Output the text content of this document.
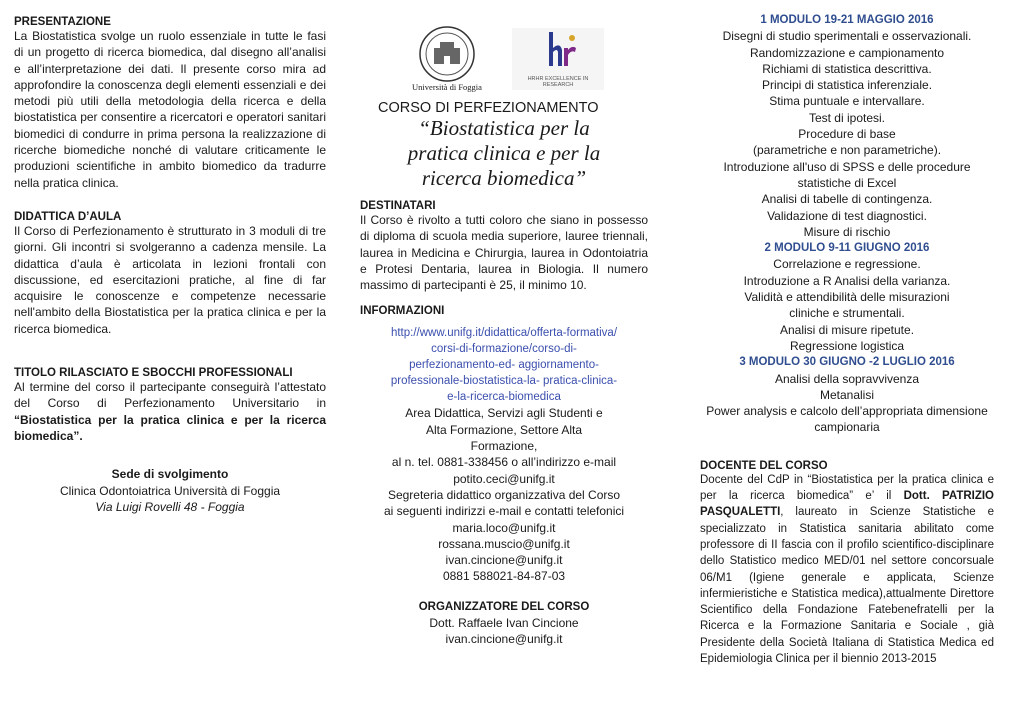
PRESENTAZIONE

La Biostatistica svolge un ruolo essenziale in tutte le fasi di un progetto di ricerca biomedica, dal disegno all’analisi e all’interpretazione dei dati. Il presente corso mira ad approfondire la conoscenza degli elementi essenziali e dei metodi più utili della metodologia della ricerca e della biostatistica per consentire a ricercatori e operatori sanitari biomedici di condurre in prima persona la realizzazione di ricerche biomediche nonché di valutare criticamente le produzioni scientifiche in ambito biomedico da tradurre nella pratica clinica.

DIDATTICA D’AULA

Il Corso di Perfezionamento è strutturato in 3 moduli di tre giorni. Gli incontri si svolgeranno a cadenza mensile. La didattica d’aula è articolata in lezioni frontali con discussione, ed esercitazioni pratiche, al fine di far acquisire le conoscenze e competenze necessarie nell'ambito della Biostatistica per la pratica clinica e per la ricerca biomedica.

TITOLO RILASCIATO E SBOCCHI PROFESSIONALI

Al termine del corso il partecipante conseguirà l’attestato del Corso di Perfezionamento Universitario in “Biostatistica per la pratica clinica e per la ricerca biomedica”.

Sede di svolgimento
Clinica Odontoiatrica Università di Foggia
Via Luigi Rovelli 48 - Foggia
Università di Foggia
HRHR EXCELLENCE IN RESEARCH
CORSO DI PERFEZIONAMENTO
“Biostatistica per la
pratica clinica e per la
ricerca biomedica”

DESTINATARI

Il Corso è rivolto a tutti coloro che siano in possesso di diploma di scuola media superiore, lauree triennali, laurea in Medicina e Chirurgia, laurea in Odontoiatria e Protesi Dentaria, laurea in Biologia. Il numero massimo di partecipanti è 25, il minimo 10.

INFORMAZIONI

http://www.unifg.it/didattica/offerta-formativa/ corsi-di-formazione/corso-di-perfezionamento-ed- aggiornamento-professionale-biostatistica-la- pratica-clinica-e-la-ricerca-biomedica
Area Didattica, Servizi agli Studenti e
Alta Formazione, Settore Alta
Formazione,
al n. tel. 0881-338456 o all’indirizzo e-mail
potito.ceci@unifg.it
Segreteria didattico organizzativa del Corso
ai seguenti indirizzi e-mail e contatti telefonici
maria.loco@unifg.it
rossana.muscio@unifg.it
ivan.cincione@unifg.it
0881 588021-84-87-03
ORGANIZZATORE DEL CORSO
Dott. Raffaele Ivan Cincione
ivan.cincione@unifg.it
1 MODULO 19-21 MAGGIO 2016
Disegni di studio sperimentali e osservazionali.
Randomizzazione e campionamento
Richiami di statistica descrittiva.
Principi di statistica inferenziale.
Stima puntuale e intervallare.
Test di ipotesi.
Procedure di base
(parametriche e non parametriche).
Introduzione all'uso di SPSS e delle procedure
statistiche di Excel
Analisi di tabelle di contingenza.
Validazione di test diagnostici.
Misure di rischio
2 MODULO 9-11 GIUGNO 2016
Correlazione e regressione.
Introduzione a R Analisi della varianza.
Validità e attendibilità delle misurazioni
cliniche e strumentali.
Analisi di misure ripetute.
Regressione logistica
3 MODULO 30 GIUGNO -2 LUGLIO 2016
Analisi della sopravvivenza
Metanalisi
Power analysis e calcolo dell’appropriata dimensione
campionaria

DOCENTE DEL CORSO

Docente del CdP in “Biostatistica per la pratica clinica e per la ricerca biomedica” e’ il Dott. PATRIZIO PASQUALETTI, laureato in Scienze Statistiche e specializzato in Statistica sanitaria abilitato come professore di II fascia con il profilo scientifico-disciplinare dello Statistico medico MED/01 nel settore concorsuale 06/M1 (Igiene generale e applicata, Scienze infermieristiche e Statistica medica),attualmente Direttore Scientifico della Fondazione Fatebenefratelli per la Ricerca e la Formazione Sanitaria e Sociale , già Presidente della Società Italiana di Statistica Medica ed Epidemiologia Clinica per il biennio 2013-2015
